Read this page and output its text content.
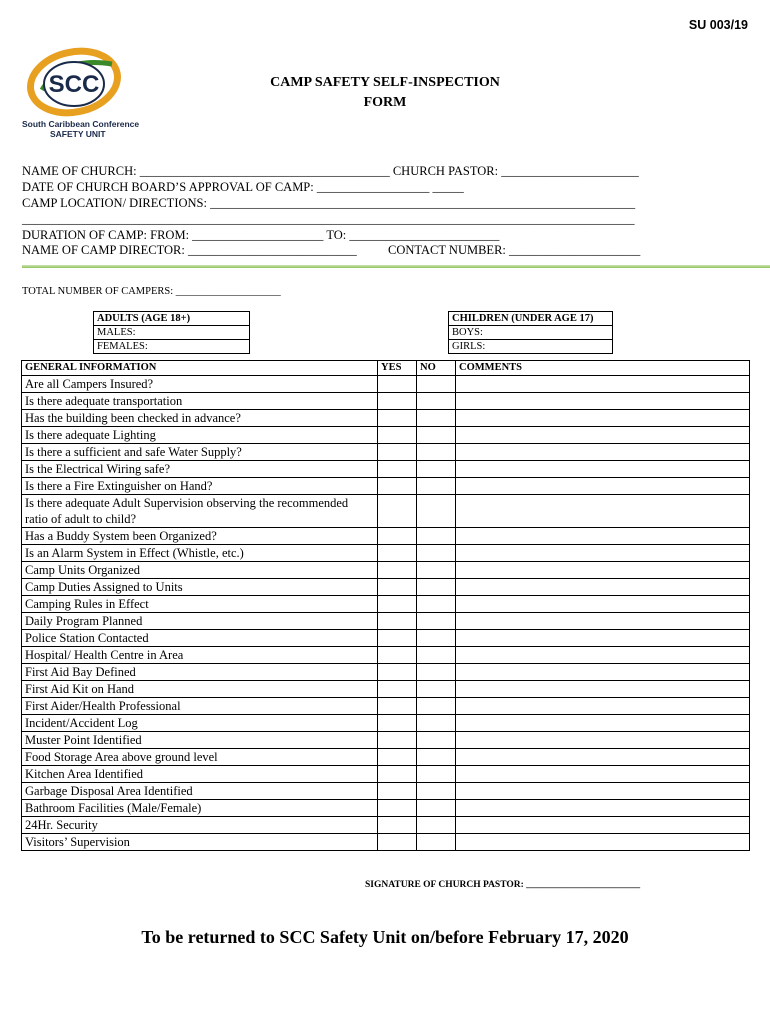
SU 003/19
SCC
South Caribbean Conference
SAFETY UNIT
CAMP SAFETY SELF-INSPECTION
FORM
NAME OF CHURCH: ________________________________________ CHURCH PASTOR: ______________________
DATE OF CHURCH BOARD’S APPROVAL OF CAMP: __________________ _____
CAMP LOCATION/ DIRECTIONS: ____________________________________________________________________
__________________________________________________________________________________________________
DURATION OF CAMP: FROM: _____________________ TO: ________________________
NAME OF CAMP DIRECTOR: ___________________________          CONTACT NUMBER: _____________________
TOTAL NUMBER OF CAMPERS: ____________________
ADULTS (AGE 18+)
MALES:
FEMALES:
CHILDREN (UNDER AGE 17)
BOYS:
GIRLS:
GENERAL INFORMATION	YES	NO	COMMENTS
Are all Campers Insured?			
Is there adequate transportation			
Has the building been checked in advance?			
Is there adequate Lighting			
Is there a sufficient and safe Water Supply?			
Is the Electrical Wiring safe?			
Is there a Fire Extinguisher on Hand?			
Is there adequate Adult Supervision observing the recommended ratio of adult to child?			
Has a Buddy System been Organized?			
Is an Alarm System in Effect (Whistle, etc.)			
Camp Units Organized			
Camp Duties Assigned to Units			
Camping Rules in Effect			
Daily Program Planned			
Police Station Contacted			
Hospital/ Health Centre in Area			
First Aid Bay Defined			
First Aid Kit on Hand			
First Aider/Health Professional			
Incident/Accident Log			
Muster Point Identified			
Food Storage Area above ground level			
Kitchen Area Identified			
Garbage Disposal Area Identified			
Bathroom Facilities (Male/Female)			
24Hr. Security			
Visitors’ Supervision			
SIGNATURE OF CHURCH PASTOR: ________________________
To be returned to SCC Safety Unit on/before February 17, 2020
